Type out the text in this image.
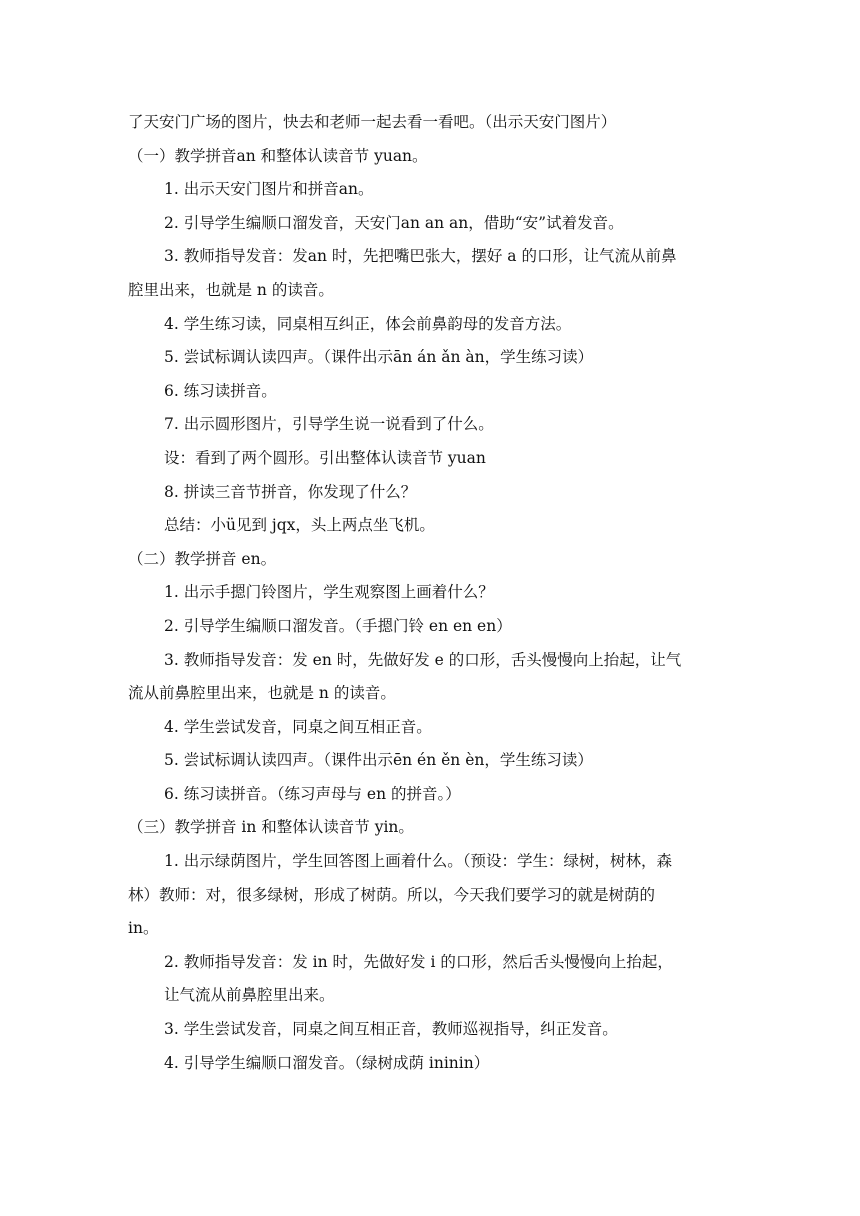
了天安门广场的图片，快去和老师一起去看一看吧。（出示天安门图片）
（一）教学拼音an 和整体认读音节 yuan。
1. 出示天安门图片和拼音an。
2. 引导学生编顺口溜发音，天安门an an an，借助“安”试着发音。
3. 教师指导发音：发an 时，先把嘴巴张大，摆好 a 的口形，让气流从前鼻
腔里出来，也就是 n 的读音。
4. 学生练习读，同桌相互纠正，体会前鼻韵母的发音方法。
5. 尝试标调认读四声。（课件出示ān án ǎn àn，学生练习读）
6. 练习读拼音。
7. 出示圆形图片，引导学生说一说看到了什么。
设：看到了两个圆形。引出整体认读音节 yuan
8. 拼读三音节拼音，你发现了什么？
总结：小ü见到 jqx，头上两点坐飞机。
（二）教学拼音 en。
1. 出示手摁门铃图片，学生观察图上画着什么？
2. 引导学生编顺口溜发音。（手摁门铃 en en en）
3. 教师指导发音：发 en 时，先做好发 e 的口形，舌头慢慢向上抬起，让气
流从前鼻腔里出来，也就是 n 的读音。
4. 学生尝试发音，同桌之间互相正音。
5. 尝试标调认读四声。（课件出示ēn én ěn èn，学生练习读）
6. 练习读拼音。（练习声母与 en 的拼音。）
（三）教学拼音 in 和整体认读音节 yin。
1. 出示绿荫图片，学生回答图上画着什么。（预设：学生：绿树，树林，森
林）教师：对，很多绿树，形成了树荫。所以，今天我们要学习的就是树荫的
in。
2. 教师指导发音：发 in 时，先做好发 i 的口形，然后舌头慢慢向上抬起，
让气流从前鼻腔里出来。
3. 学生尝试发音，同桌之间互相正音，教师巡视指导，纠正发音。
4. 引导学生编顺口溜发音。（绿树成荫 ininin）
